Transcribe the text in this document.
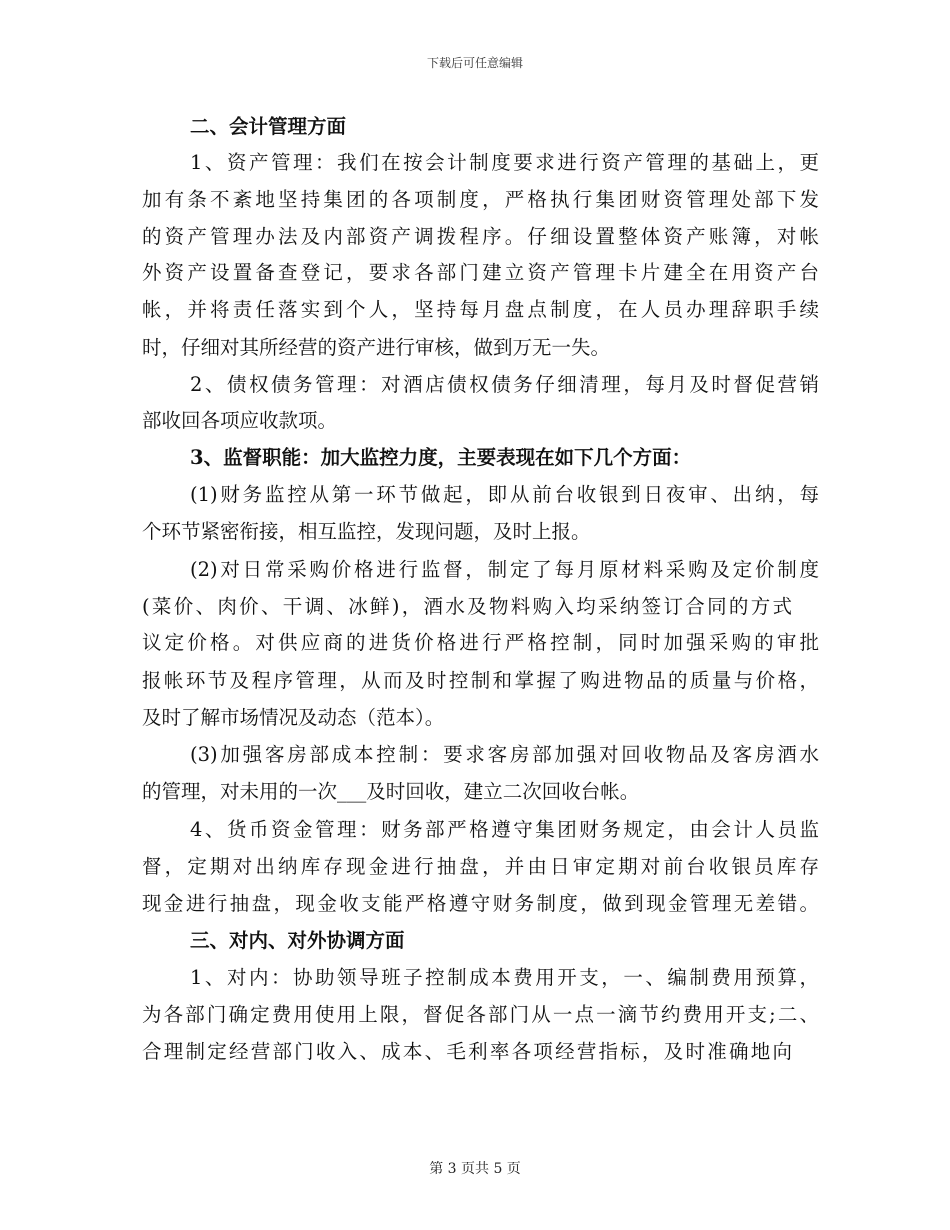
下载后可任意编辑
二、会计管理方面
1、资产管理：我们在按会计制度要求进行资产管理的基础上，更
加有条不紊地坚持集团的各项制度，严格执行集团财资管理处部下发
的资产管理办法及内部资产调拨程序。仔细设置整体资产账簿，对帐
外资产设置备查登记，要求各部门建立资产管理卡片建全在用资产台
帐，并将责任落实到个人，坚持每月盘点制度，在人员办理辞职手续
时，仔细对其所经营的资产进行审核，做到万无一失。
2、债权债务管理：对酒店债权债务仔细清理，每月及时督促营销
部收回各项应收款项。
3、监督职能：加大监控力度，主要表现在如下几个方面：
(1)财务监控从第一环节做起，即从前台收银到日夜审、出纳，每
个环节紧密衔接，相互监控，发现问题，及时上报。
(2)对日常采购价格进行监督，制定了每月原材料采购及定价制度
(菜价、肉价、干调、冰鲜)，酒水及物料购入均采纳签订合同的方式
议定价格。对供应商的进货价格进行严格控制，同时加强采购的审批
报帐环节及程序管理，从而及时控制和掌握了购进物品的质量与价格，
及时了解市场情况及动态（范本）。
(3)加强客房部成本控制：要求客房部加强对回收物品及客房酒水
的管理，对未用的一次___及时回收，建立二次回收台帐。
4、货币资金管理：财务部严格遵守集团财务规定，由会计人员监
督，定期对出纳库存现金进行抽盘，并由日审定期对前台收银员库存
现金进行抽盘，现金收支能严格遵守财务制度，做到现金管理无差错。
三、对内、对外协调方面
1、对内：协助领导班子控制成本费用开支，一、编制费用预算，
为各部门确定费用使用上限，督促各部门从一点一滴节约费用开支;二、
合理制定经营部门收入、成本、毛利率各项经营指标，及时准确地向
第 3 页共 5 页
